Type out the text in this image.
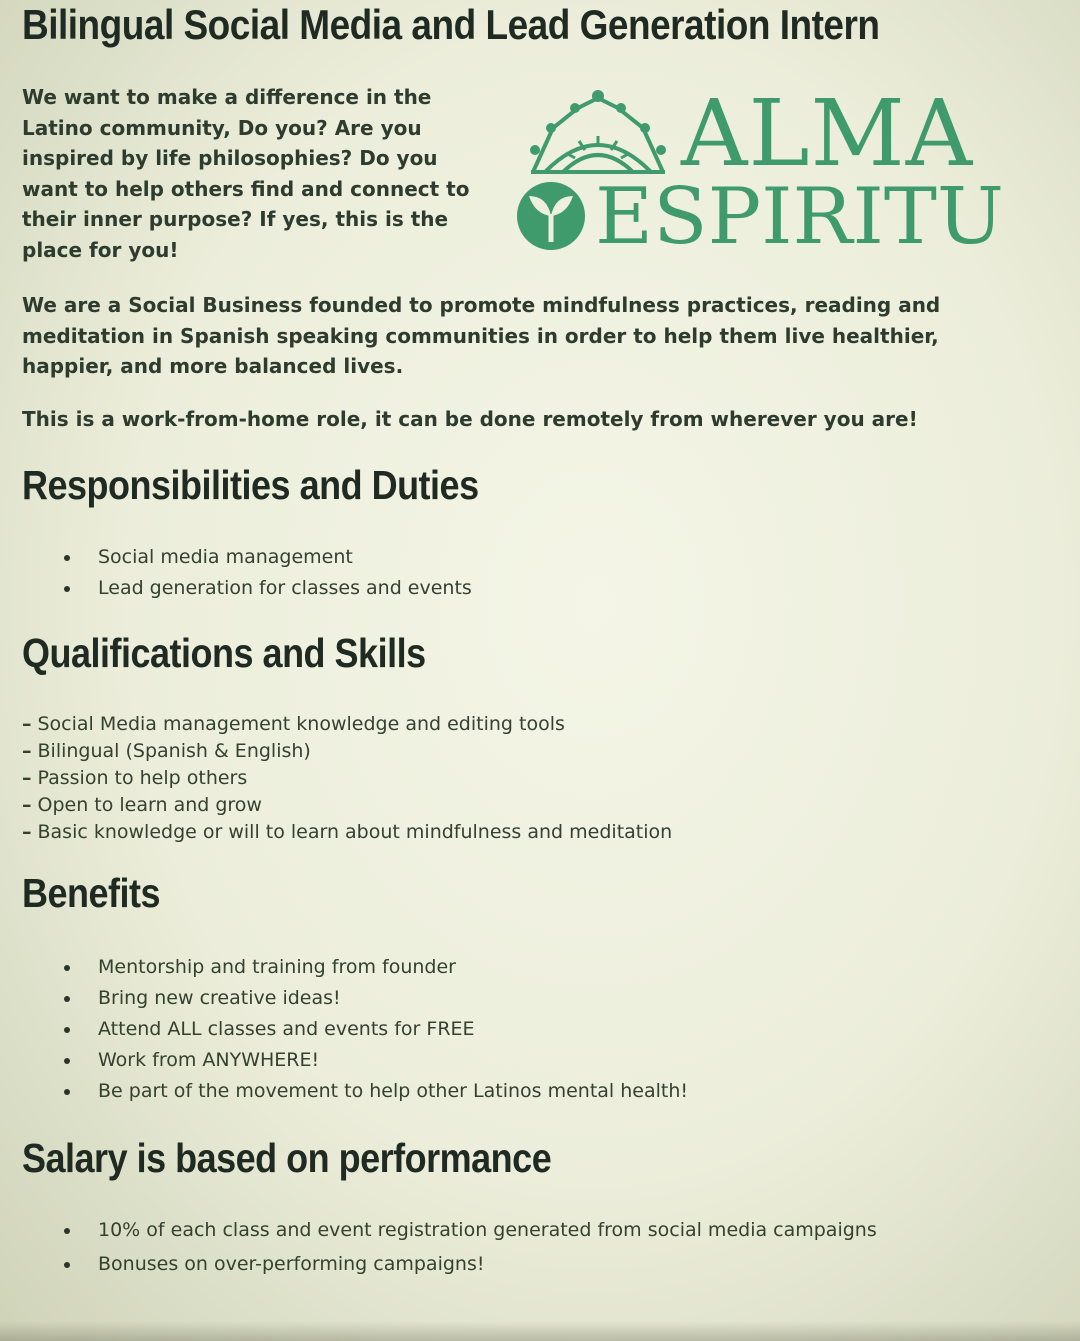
Bilingual Social Media and Lead Generation Intern
We want to make a difference in the Latino community, Do you? Are you inspired by life philosophies? Do you want to help others find and connect to their inner purpose? If yes, this is the place for you!
ALMA
ESPIRITU
We are a Social Business founded to promote mindfulness practices, reading and meditation in Spanish speaking communities in order to help them live healthier, happier, and more balanced lives.
This is a work-from-home role, it can be done remotely from wherever you are!
Responsibilities and Duties
Social media management
Lead generation for classes and events
Qualifications and Skills
– Social Media management knowledge and editing tools
– Bilingual (Spanish & English)
– Passion to help others
– Open to learn and grow
– Basic knowledge or will to learn about mindfulness and meditation
Benefits
Mentorship and training from founder
Bring new creative ideas!
Attend ALL classes and events for FREE
Work from ANYWHERE!
Be part of the movement to help other Latinos mental health!
Salary is based on performance
10% of each class and event registration generated from social media campaigns
Bonuses on over-performing campaigns!
